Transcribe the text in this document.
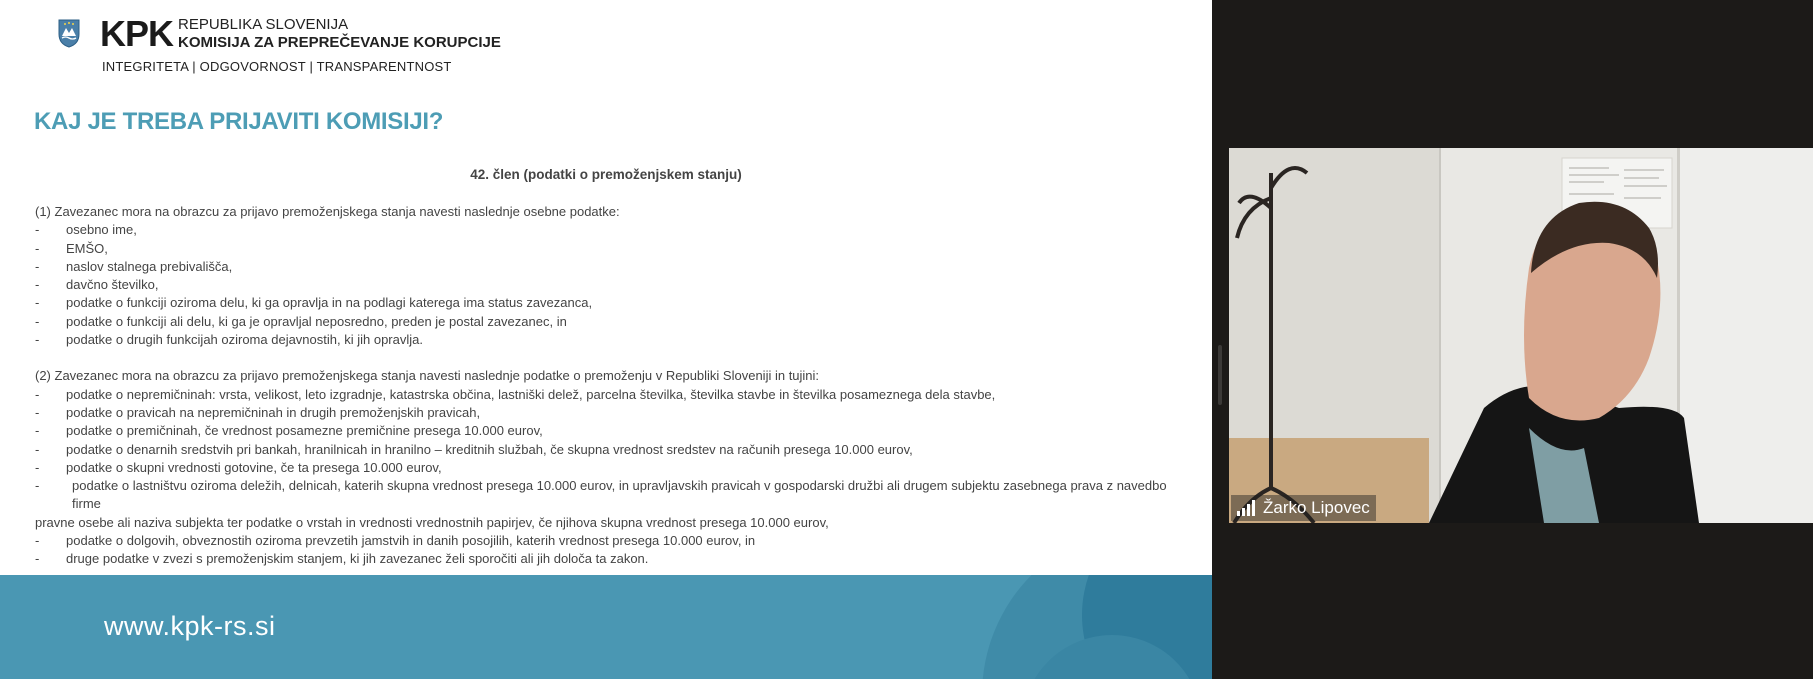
KPK REPUBLIKA SLOVENIJA
KOMISIJA ZA PREPREČEVANJE KORUPCIJE
INTEGRITETA | ODGOVORNOST | TRANSPARENTNOST
KAJ JE TREBA PRIJAVITI KOMISIJI?
42. člen (podatki o premoženjskem stanju)

(1) Zavezanec mora na obrazcu za prijavo premoženjskega stanja navesti naslednje osebne podatke:

-	osebno ime,
-	EMŠO,
-	naslov stalnega prebivališča,
-	davčno številko,
-	podatke o funkciji oziroma delu, ki ga opravlja in na podlagi katerega ima status zavezanca,
-	podatke o funkciji ali delu, ki ga je opravljal neposredno, preden je postal zavezanec, in
-	podatke o drugih funkcijah oziroma dejavnostih, ki jih opravlja.

(2) Zavezanec mora na obrazcu za prijavo premoženjskega stanja navesti naslednje podatke o premoženju v Republiki Sloveniji in tujini:

-	podatke o nepremičninah: vrsta, velikost, leto izgradnje, katastrska občina, lastniški delež, parcelna številka, številka stavbe in številka posameznega dela stavbe,
-	podatke o pravicah na nepremičninah in drugih premoženjskih pravicah,
-	podatke o premičninah, če vrednost posamezne premičnine presega 10.000 eurov,
-	podatke o denarnih sredstvih pri bankah, hranilnicah in hranilno – kreditnih službah, če skupna vrednost sredstev na računih presega 10.000 eurov,
-	podatke o skupni vrednosti gotovine, če ta presega 10.000 eurov,
-	podatke o lastništvu oziroma deležih, delnicah, katerih skupna vrednost presega 10.000 eurov, in upravljavskih pravicah v gospodarski družbi ali drugem subjektu zasebnega prava z navedbo firme
pravne osebe ali naziva subjekta ter podatke o vrstah in vrednosti vrednostnih papirjev, če njihova skupna vrednost presega 10.000 eurov,
-	podatke o dolgovih, obveznostih oziroma prevzetih jamstvih in danih posojilih, katerih vrednost presega 10.000 eurov, in
-	druge podatke v zvezi s premoženjskim stanjem, ki jih zavezanec želi sporočiti ali jih določa ta zakon.
www.kpk-rs.si
Žarko Lipovec
